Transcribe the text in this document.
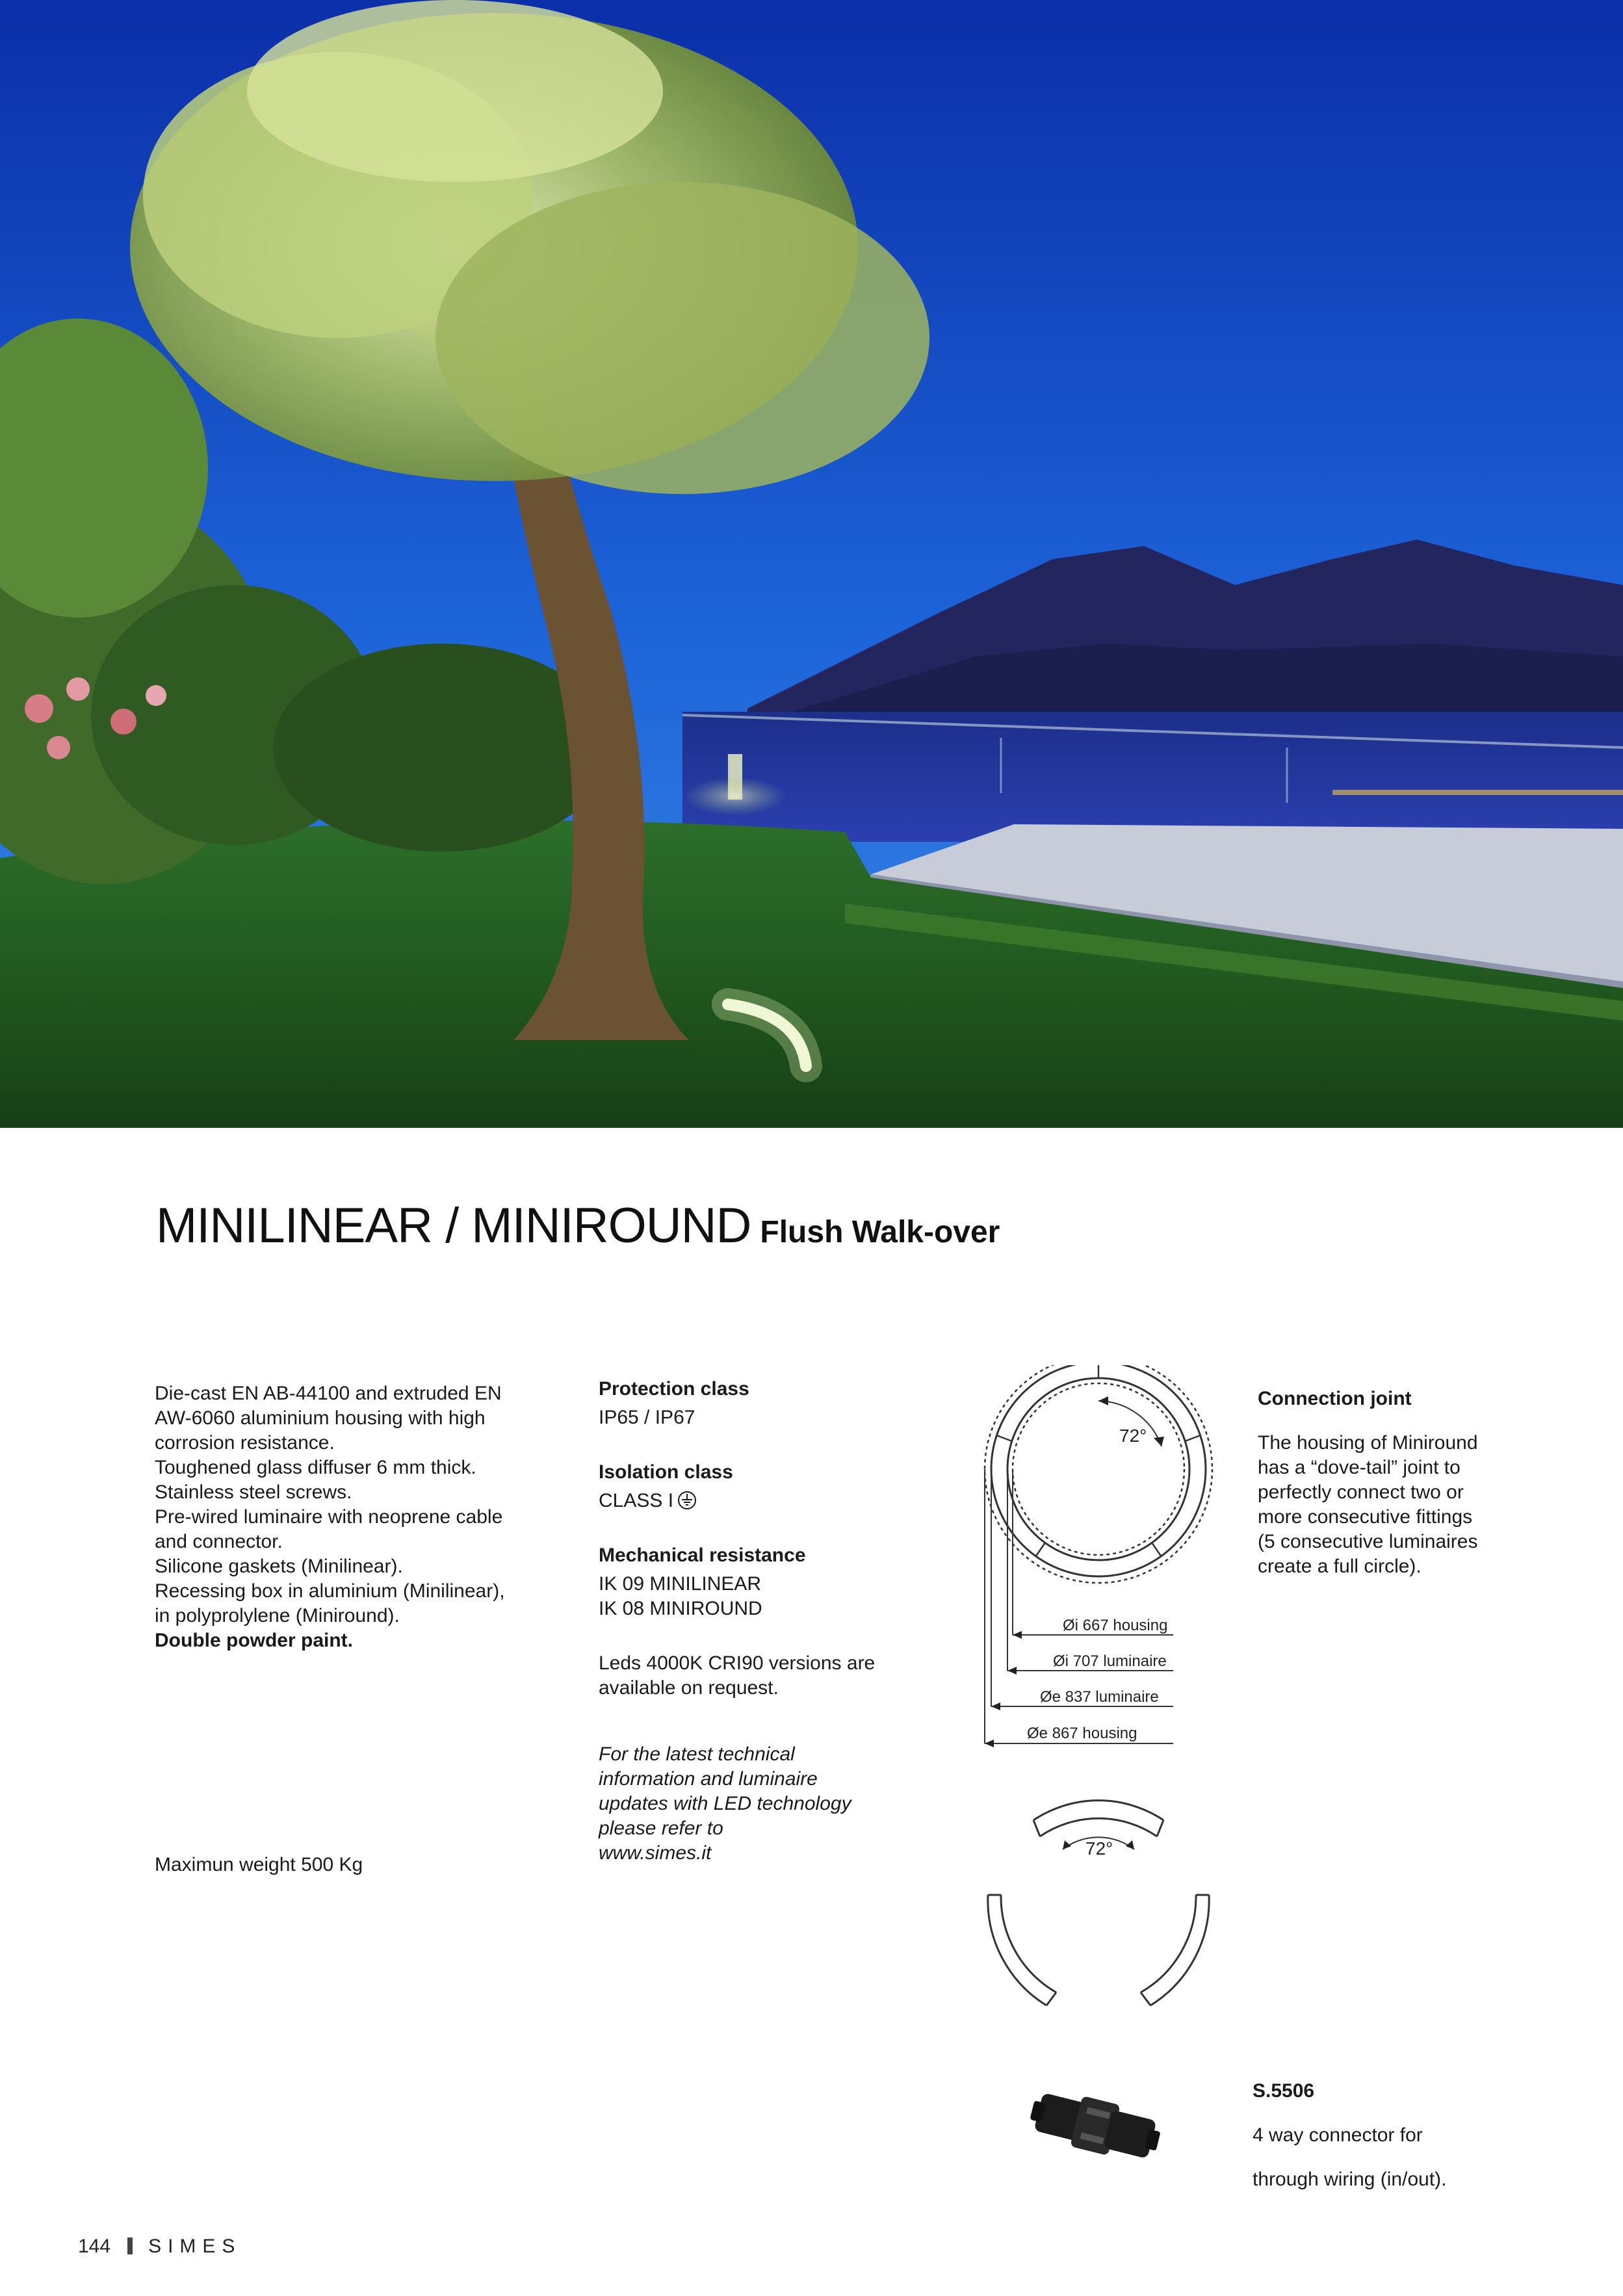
MINILINEAR / MINIROUND Flush Walk-over

Die-cast EN AB-44100 and extruded EN

AW-6060 aluminium housing with high

corrosion resistance.

Toughened glass diffuser 6 mm thick.

Stainless steel screws.

Pre-wired luminaire with neoprene cable

and connector.

Silicone gaskets (Minilinear).

Recessing box in aluminium (Minilinear),

in polyprolylene (Miniround).

Double powder paint.

Maximun weight 500 Kg

Protection class

IP65 / IP67

Isolation class

CLASS I

Mechanical resistance

IK 09 MINILINEAR

IK 08 MINIROUND

Leds 4000K CRI90 versions are

available on request.

For the latest technical

information and luminaire

updates with LED technology

please refer to

www.simes.it

72°
Øi 667 housing
Øi 707 luminaire
Øe 837 luminaire
Øe 867 housing
72°

Connection joint

The housing of Miniround

has a “dove-tail” joint to

perfectly connect two or

more consecutive fittings

(5 consecutive luminaires

create a full circle).

S.5506

4 way connector for

through wiring (in/out).

144 SIMES
